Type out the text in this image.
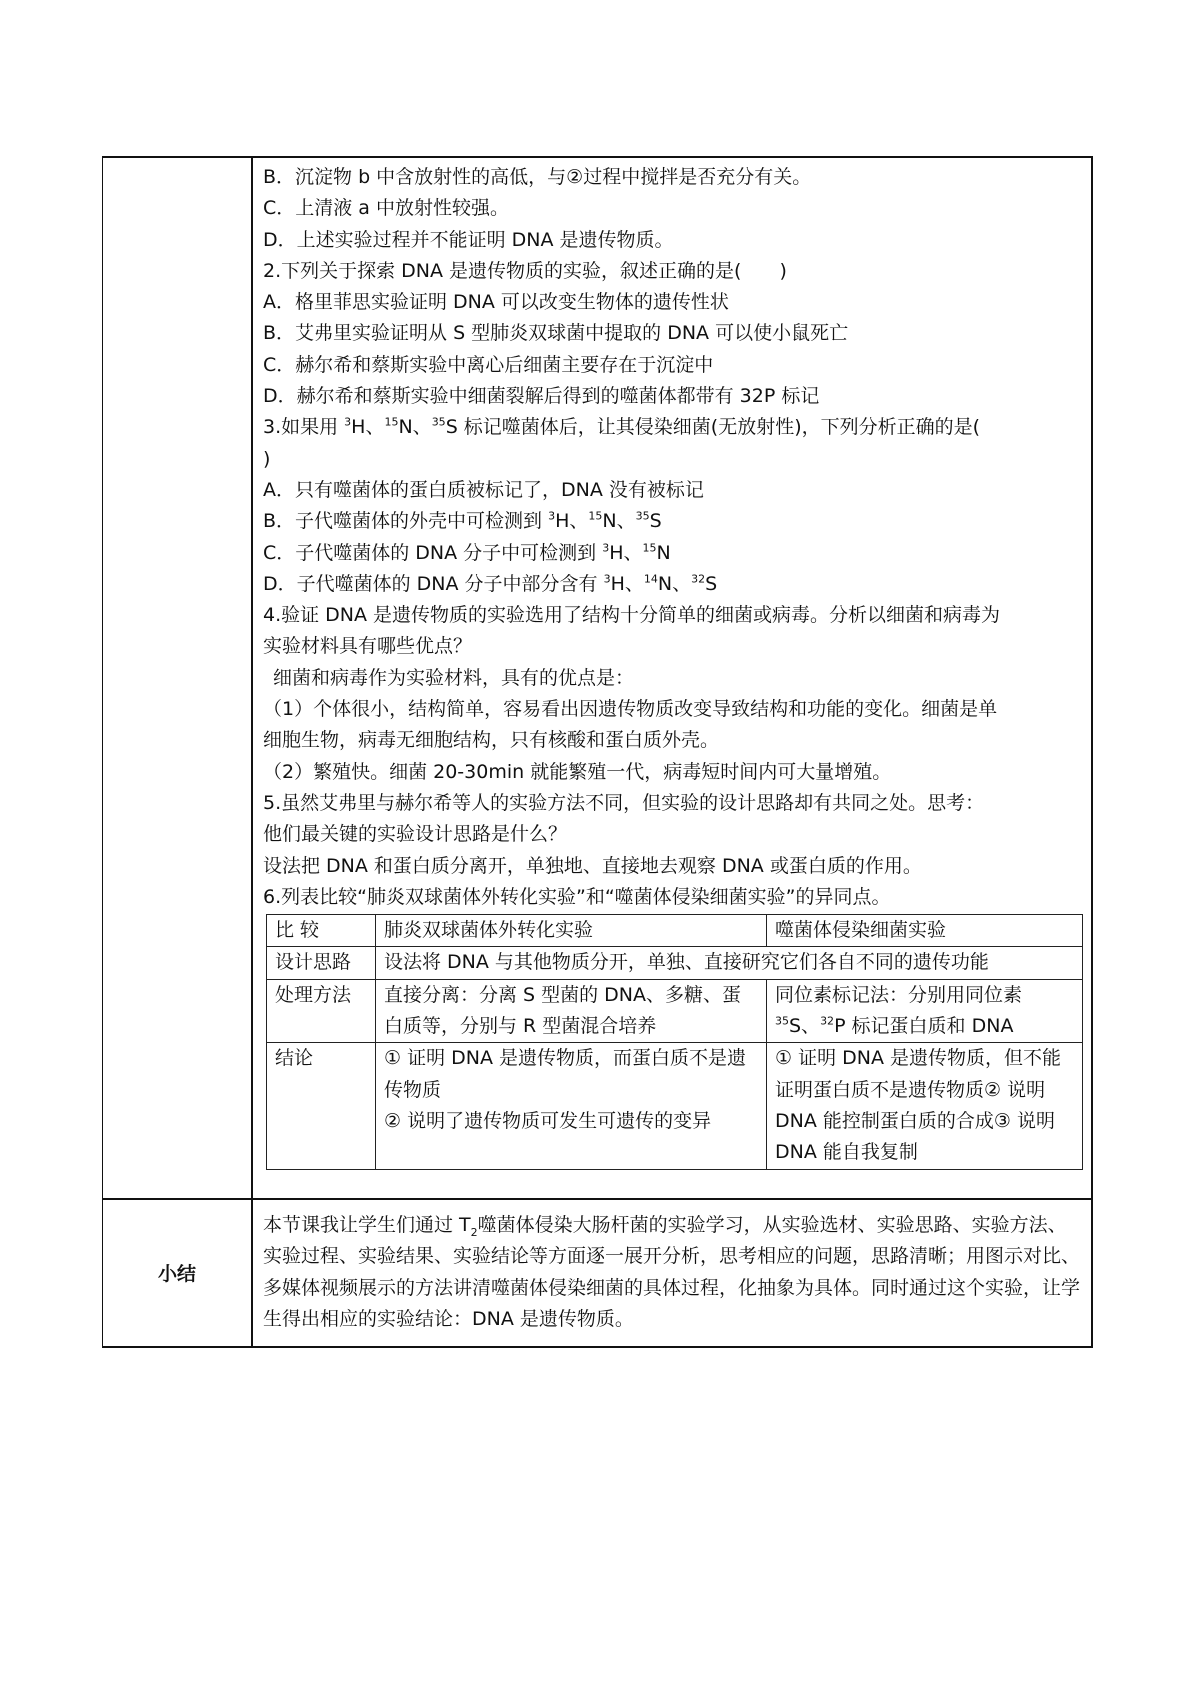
B．沉淀物 b 中含放射性的高低，与②过程中搅拌是否充分有关。
C．上清液 a 中放射性较强。
D．上述实验过程并不能证明 DNA 是遗传物质。
2.下列关于探索 DNA 是遗传物质的实验，叙述正确的是(　　)
A．格里菲思实验证明 DNA 可以改变生物体的遗传性状
B．艾弗里实验证明从 S 型肺炎双球菌中提取的 DNA 可以使小鼠死亡
C．赫尔希和蔡斯实验中离心后细菌主要存在于沉淀中
D．赫尔希和蔡斯实验中细菌裂解后得到的噬菌体都带有 32P 标记
3.如果用 $^3$H、$^{15}$N、$^{35}$S 标记噬菌体后，让其侵染细菌(无放射性)，下列分析正确的是(
)
A．只有噬菌体的蛋白质被标记了，DNA 没有被标记
B．子代噬菌体的外壳中可检测到 $^3$H、$^{15}$N、$^{35}$S
C．子代噬菌体的 DNA 分子中可检测到 $^3$H、$^{15}$N
D．子代噬菌体的 DNA 分子中部分含有 $^3$H、$^{14}$N、$^{32}$S
4.验证 DNA 是遗传物质的实验选用了结构十分简单的细菌或病毒。分析以细菌和病毒为
实验材料具有哪些优点？
细菌和病毒作为实验材料，具有的优点是：
（1）个体很小，结构简单，容易看出因遗传物质改变导致结构和功能的变化。细菌是单
细胞生物，病毒无细胞结构，只有核酸和蛋白质外壳。
（2）繁殖快。细菌 20-30min 就能繁殖一代，病毒短时间内可大量增殖。
5.虽然艾弗里与赫尔希等人的实验方法不同，但实验的设计思路却有共同之处。思考：
他们最关键的实验设计思路是什么？
设法把 DNA 和蛋白质分离开，单独地、直接地去观察 DNA 或蛋白质的作用。
6.列表比较“肺炎双球菌体外转化实验”和“噬菌体侵染细菌实验”的异同点。
比 较	肺炎双球菌体外转化实验	噬菌体侵染细菌实验
设计思路	设法将 DNA 与其他物质分开，单独、直接研究它们各自不同的遗传功能
处理方法	直接分离：分离 S 型菌的 DNA、多糖、蛋白质等，分别与 R 型菌混合培养	同位素标记法：分别用同位素
$^{35}$S、$^{32}$P 标记蛋白质和 DNA
结论	① 证明 DNA 是遗传物质，而蛋白质不是遗传物质
② 说明了遗传物质可发生可遗传的变异
	① 证明 DNA 是遗传物质，但不能证明蛋白质不是遗传物质② 说明 DNA 能控制蛋白质的合成③ 说明 DNA 能自我复制

小结	
本节课我让学生们通过 $T_2$噬菌体侵染大肠杆菌的实验学习，从实验选材、实验思路、实验方法、实验过程、实验结果、实验结论等方面逐一展开分析，思考相应的问题，思路清晰；用图示对比、多媒体视频展示的方法讲清噬菌体侵染细菌的具体过程，化抽象为具体。同时通过这个实验，让学生得出相应的实验结论：DNA 是遗传物质。
